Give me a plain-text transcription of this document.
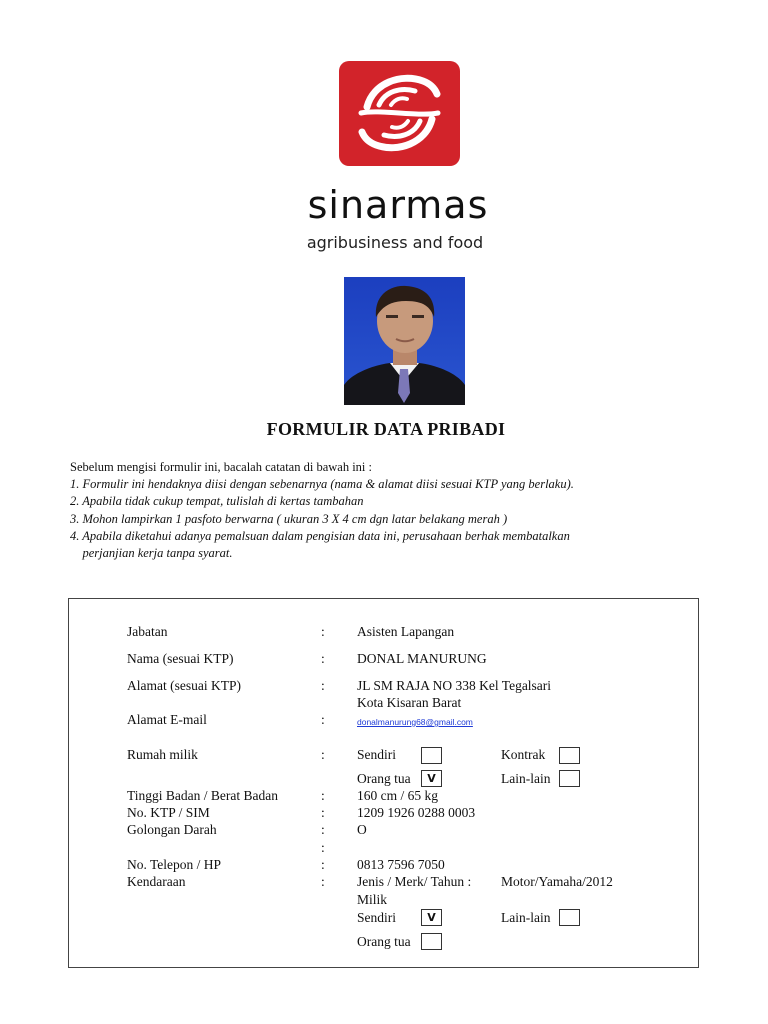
sinarmas
agribusiness and food
FORMULIR DATA PRIBADI
Sebelum mengisi formulir ini, bacalah catatan di bawah ini :
1. Formulir ini hendaknya diisi dengan sebenarnya (nama & alamat diisi sesuai KTP yang berlaku).
2. Apabila tidak cukup tempat, tulislah di kertas tambahan
3. Mohon lampirkan 1 pasfoto berwarna ( ukuran 3 X 4 cm dgn latar belakang merah )
4. Apabila diketahui adanya pemalsuan dalam pengisian data ini, perusahaan berhak membatalkan
perjanjian kerja tanpa syarat.
Jabatan	: Asisten Lapangan
Nama (sesuai KTP)	: DONAL MANURUNG
Alamat (sesuai KTP)	: JL SM RAJA NO 338 Kel Tegalsari
Kota Kisaran Barat
Alamat E-mail	:	donalmanurung68@gmail.com
Rumah milik	: Sendiri	Kontrak
Orang tua	V	Lain-lain
Tinggi Badan / Berat Badan	: 160 cm / 65 kg
No. KTP / SIM	: 1209 1926 0288 0003
Golongan Darah	: O
:
No. Telepon / HP	: 0813 7596 7050
Kendaraan	: Jenis / Merk/ Tahun : Motor/Yamaha/2012
Milik
Sendiri	V	Lain-lain
Orang tua
